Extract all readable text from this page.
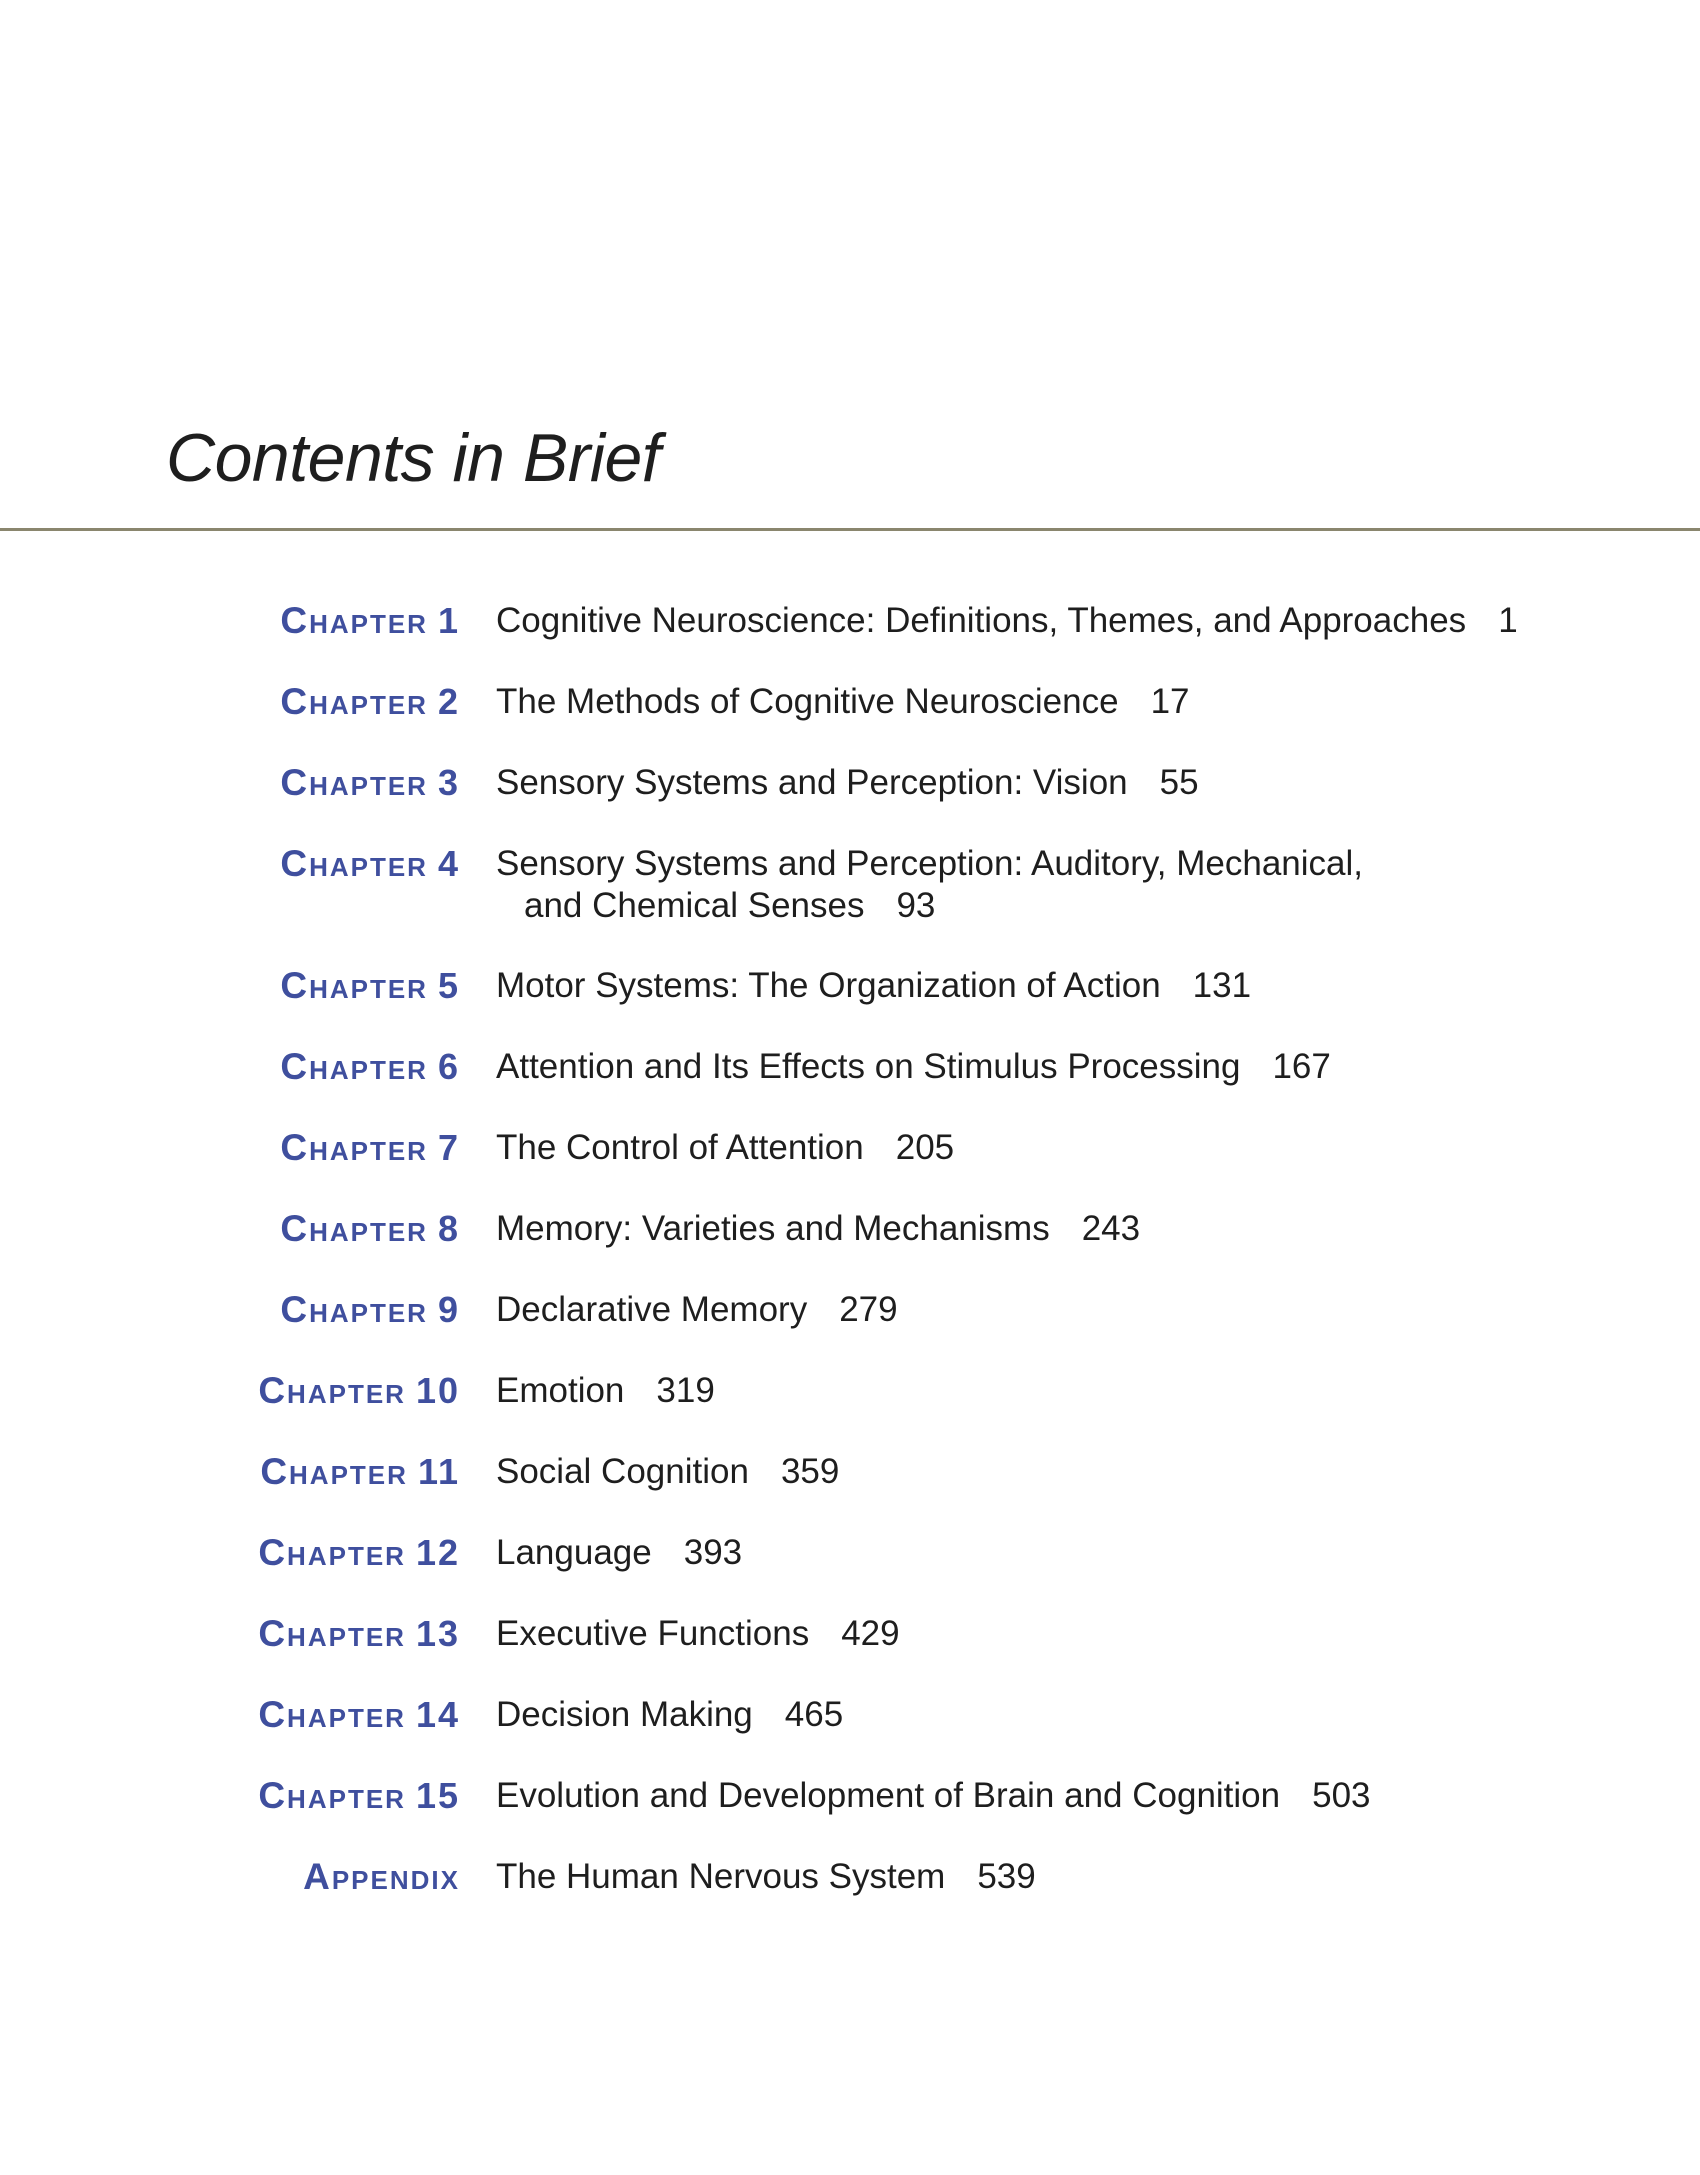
Contents in Brief
Chapter 1 Cognitive Neuroscience: Definitions, Themes, and Approaches 1
Chapter 2 The Methods of Cognitive Neuroscience 17
Chapter 3 Sensory Systems and Perception: Vision 55
Chapter 4 Sensory Systems and Perception: Auditory, Mechanical,
and Chemical Senses 93
Chapter 5 Motor Systems: The Organization of Action 131
Chapter 6 Attention and Its Effects on Stimulus Processing 167
Chapter 7 The Control of Attention 205
Chapter 8 Memory: Varieties and Mechanisms 243
Chapter 9 Declarative Memory 279
Chapter 10 Emotion 319
Chapter 11 Social Cognition 359
Chapter 12 Language 393
Chapter 13 Executive Functions 429
Chapter 14 Decision Making 465
Chapter 15 Evolution and Development of Brain and Cognition 503
Appendix The Human Nervous System 539
